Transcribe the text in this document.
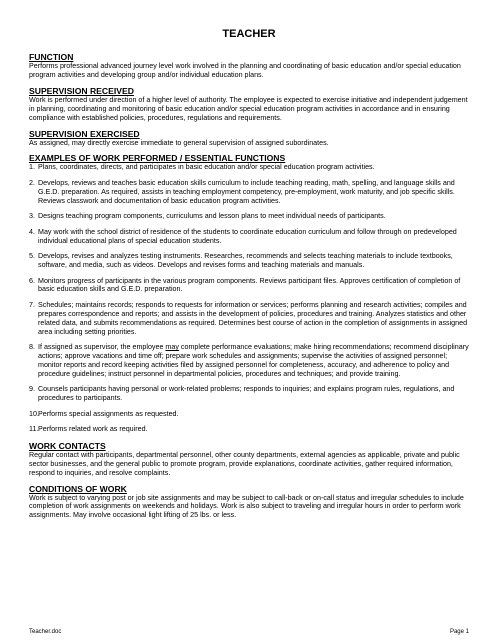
TEACHER
FUNCTION
Performs professional advanced journey level work involved in the planning and coordinating of basic education and/or special education program activities and developing group and/or individual education plans.
SUPERVISION RECEIVED
Work is performed under direction of a higher level of authority. The employee is expected to exercise initiative and independent judgement in planning, coordinating and monitoring of basic education and/or special education program activities in accordance and in ensuring compliance with established policies, procedures, regulations and requirements.
SUPERVISION EXERCISED
As assigned, may directly exercise immediate to general supervision of assigned subordinates.
EXAMPLES OF WORK PERFORMED / ESSENTIAL FUNCTIONS
1. Plans, coordinates, directs, and participates in basic education and/or special education program activities.
2. Develops, reviews and teaches basic education skills curriculum to include teaching reading, math, spelling, and language skills and G.E.D. preparation. As required, assists in teaching employment competency, pre-employment, work maturity, and job specific skills. Reviews classwork and documentation of basic education program activities.
3. Designs teaching program components, curriculums and lesson plans to meet individual needs of participants.
4. May work with the school district of residence of the students to coordinate education curriculum and follow through on predeveloped individual educational plans of special education students.
5. Develops, revises and analyzes testing instruments. Researches, recommends and selects teaching materials to include textbooks, software, and media, such as videos. Develops and revises forms and teaching materials and manuals.
6. Monitors progress of participants in the various program components. Reviews participant files. Approves certification of completion of basic education skills and G.E.D. preparation.
7. Schedules; maintains records; responds to requests for information or services; performs planning and research activities; compiles and prepares correspondence and reports; and assists in the development of policies, procedures and training. Analyzes statistics and other related data, and submits recommendations as required. Determines best course of action in the completion of assignments in assigned area including setting priorities.
8. If assigned as supervisor, the employee may complete performance evaluations; make hiring recommendations; recommend disciplinary actions; approve vacations and time off; prepare work schedules and assignments; supervise the activities of assigned personnel; monitor reports and record keeping activities filed by assigned personnel for completeness, accuracy, and adherence to policy and procedure guidelines; instruct personnel in departmental policies, procedures and techniques; and provide training.
9. Counsels participants having personal or work-related problems; responds to inquiries; and explains program rules, regulations, and procedures to participants.
10. Performs special assignments as requested.
11. Performs related work as required.
WORK CONTACTS
Regular contact with participants, departmental personnel, other county departments, external agencies as applicable, private and public sector businesses, and the general public to promote program, provide explanations, coordinate activities, gather required information, respond to inquiries, and resolve complaints.
CONDITIONS OF WORK
Work is subject to varying post or job site assignments and may be subject to call-back or on-call status and irregular schedules to include completion of work assignments on weekends and holidays. Work is also subject to traveling and irregular hours in order to perform work assignments. May involve occasional light lifting of 25 lbs. or less.
Teacher.doc	Page 1
